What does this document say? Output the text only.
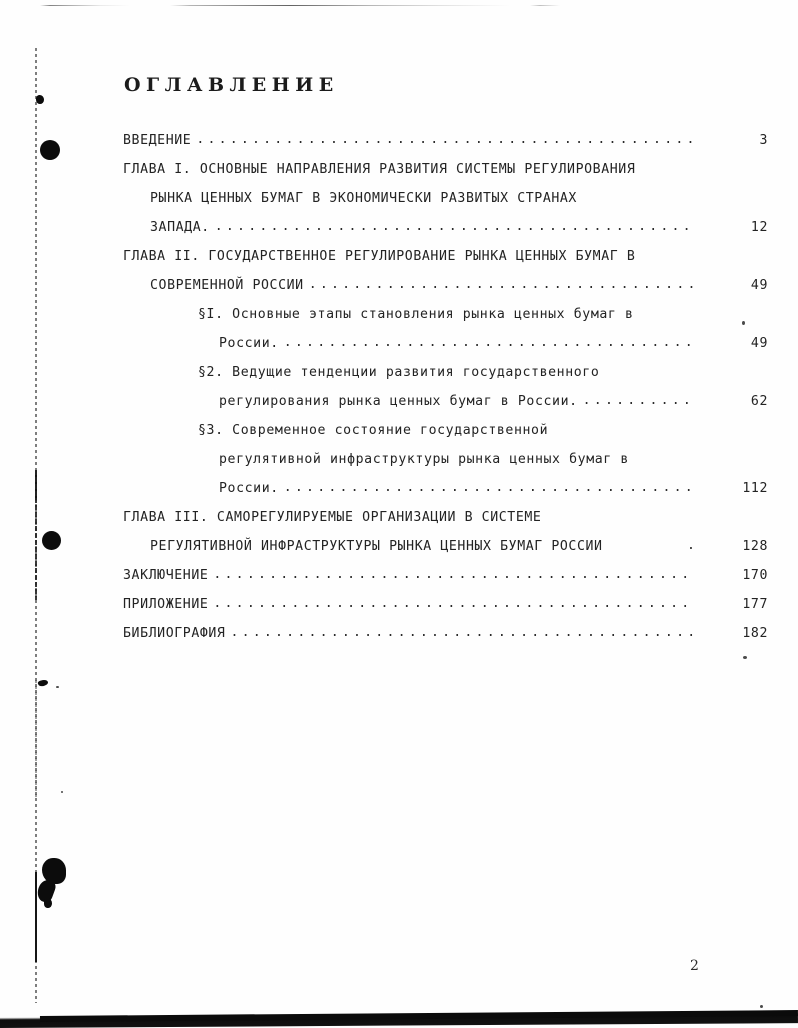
ОГЛАВЛЕНИЕ
ВВЕДЕНИЕ .....	3
ГЛАВА I. ОСНОВНЫЕ НАПРАВЛЕНИЯ РАЗВИТИЯ СИСТЕМЫ РЕГУЛИРОВАНИЯ
РЫНКА ЦЕННЫХ БУМАГ В ЭКОНОМИЧЕСКИ РАЗВИТЫХ СТРАНАХ
ЗАПАДА. .....	12
ГЛАВА II. ГОСУДАРСТВЕННОЕ РЕГУЛИРОВАНИЕ РЫНКА ЦЕННЫХ БУМАГ В
СОВРЕМЕННОЙ РОССИИ .....	49
§I. Основные этапы становления рынка ценных бумаг в
России. .....	49
§2. Ведущие тенденции развития государственного
регулирования рынка ценных бумаг в России. .....	62
§3. Современное состояние государственной
регулятивной инфраструктуры рынка ценных бумаг в
России. .....	112
ГЛАВА III. САМОРЕГУЛИРУЕМЫЕ ОРГАНИЗАЦИИ В СИСТЕМЕ
РЕГУЛЯТИВНОЙ ИНФРАСТРУКТУРЫ РЫНКА ЦЕННЫХ БУМАГ РОССИИ .	128
ЗАКЛЮЧЕНИЕ .....	170
ПРИЛОЖЕНИЕ .....	177
БИБЛИОГРАФИЯ .....	182
2
